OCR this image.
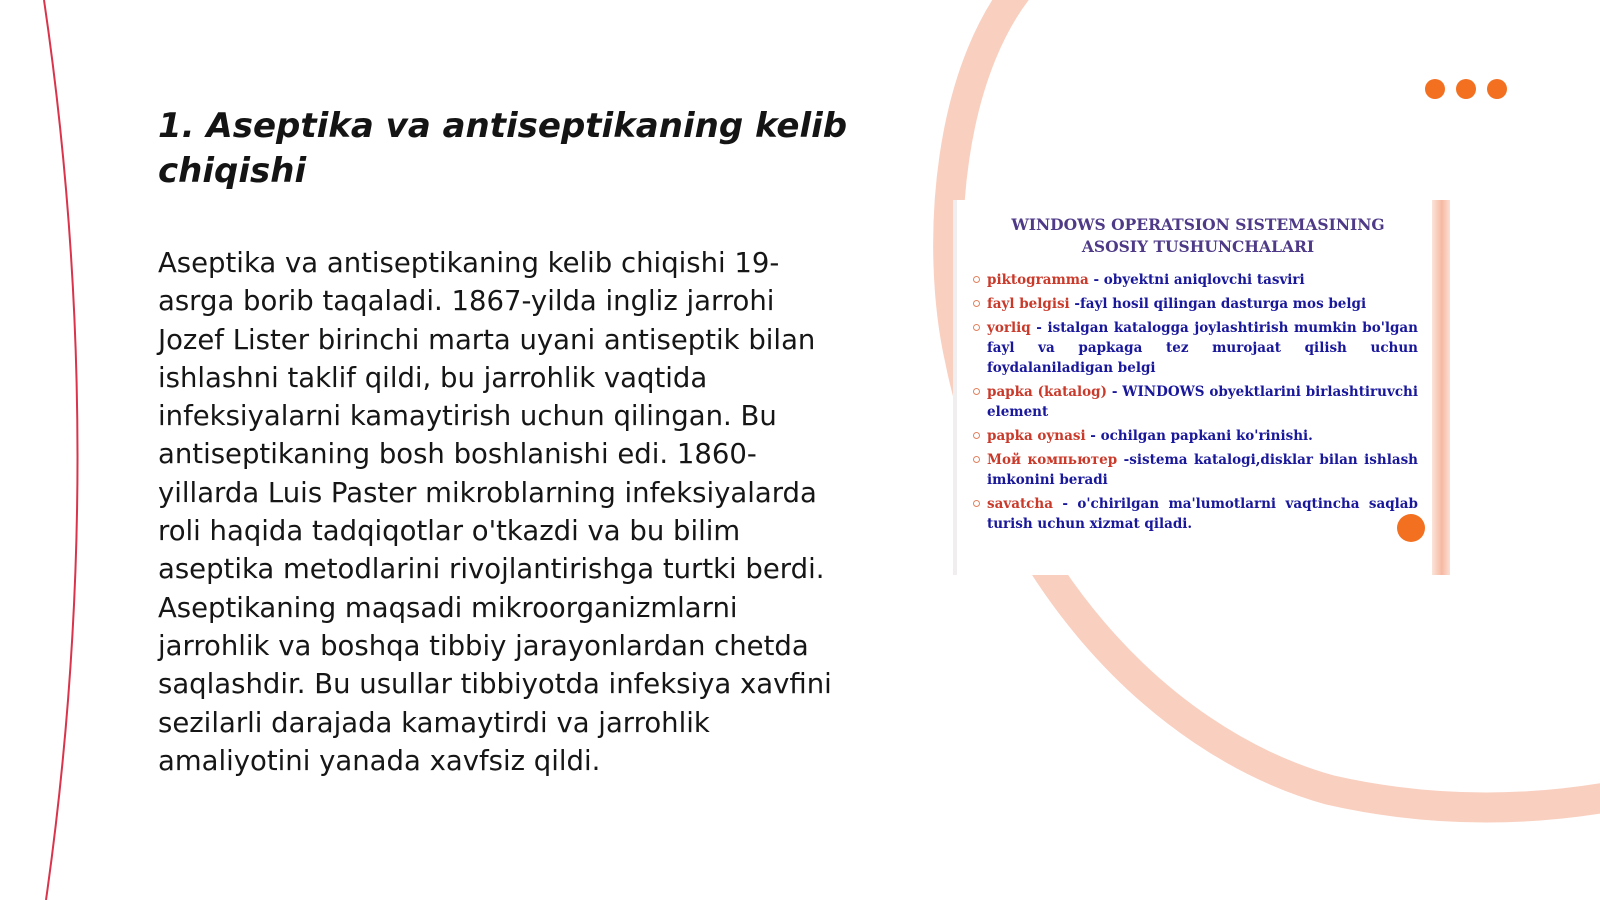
1. Aseptika va antiseptikaning kelib chiqishi

Aseptika va antiseptikaning kelib chiqishi 19-asrga borib taqaladi. 1867-yilda ingliz jarrohi Jozef Lister birinchi marta uyani antiseptik bilan ishlashni taklif qildi, bu jarrohlik vaqtida infeksiyalarni kamaytirish uchun qilingan. Bu antiseptikaning bosh boshlanishi edi. 1860-yillarda Luis Paster mikroblarning infeksiyalarda roli haqida tadqiqotlar o'tkazdi va bu bilim aseptika metodlarini rivojlantirishga turtki berdi. Aseptikaning maqsadi mikroorganizmlarni jarrohlik va boshqa tibbiy jarayonlardan chetda saqlashdir. Bu usullar tibbiyotda infeksiya xavfini sezilarli darajada kamaytirdi va jarrohlik amaliyotini yanada xavfsiz qildi.

WINDOWS OPERATSION SISTEMASINING ASOSIY TUSHUNCHALARI
piktogramma - obyektni aniqlovchi tasviri
fayl belgisi -fayl hosil qilingan dasturga mos belgi
yorliq - istalgan katalogga joylashtirish mumkin bo'lgan fayl va papkaga tez murojaat qilish uchun foydalaniladigan belgi
papka (katalog) - WINDOWS obyektlarini birlashtiruvchi element
papka oynasi - ochilgan papkani ko'rinishi.
Мой компьютер -sistema katalogi,disklar bilan ishlash imkonini beradi
savatcha - o'chirilgan ma'lumotlarni vaqtincha saqlab turish uchun xizmat qiladi.
